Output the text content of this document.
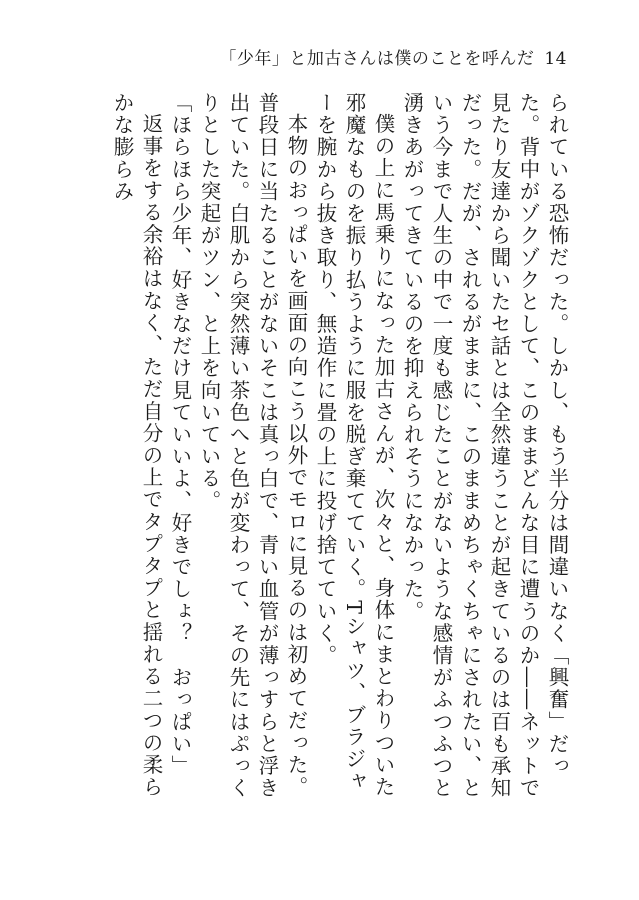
「少年」と加古さんは僕のことを呼んだ 14

られている恐怖だった。しかし、もう半分は間違いなく「興奮」だった。背中がゾクゾクとして、このままどんな目に遭うのか――ネットで見たり友達から聞いたセ話とは全然違うことが起きているのは百も承知だった。だが、されるがままに、このままめちゃくちゃにされたい、という今まで人生の中で一度も感じたことがないような感情がふつふつと湧きあがってきているのを抑えられそうになかった。

僕の上に馬乗りになった加古さんが、次々と、身体にまとわりついた邪魔なものを振り払うように服を脱ぎ棄てていく。Tシャツ、ブラジャーを腕から抜き取り、無造作に畳の上に投げ捨てていく。

本物のおっぱいを画面の向こう以外でモロに見るのは初めてだった。普段日に当たることがないそこは真っ白で、青い血管が薄っすらと浮き出ていた。白肌から突然薄い茶色へと色が変わって、その先にはぷっくりとした突起がツン、と上を向いている。

「ほらほら少年、好きなだけ見ていいよ、好きでしょ？　おっぱい」

返事をする余裕はなく、ただ自分の上でタプタプと揺れる二つの柔らかな膨らみ
